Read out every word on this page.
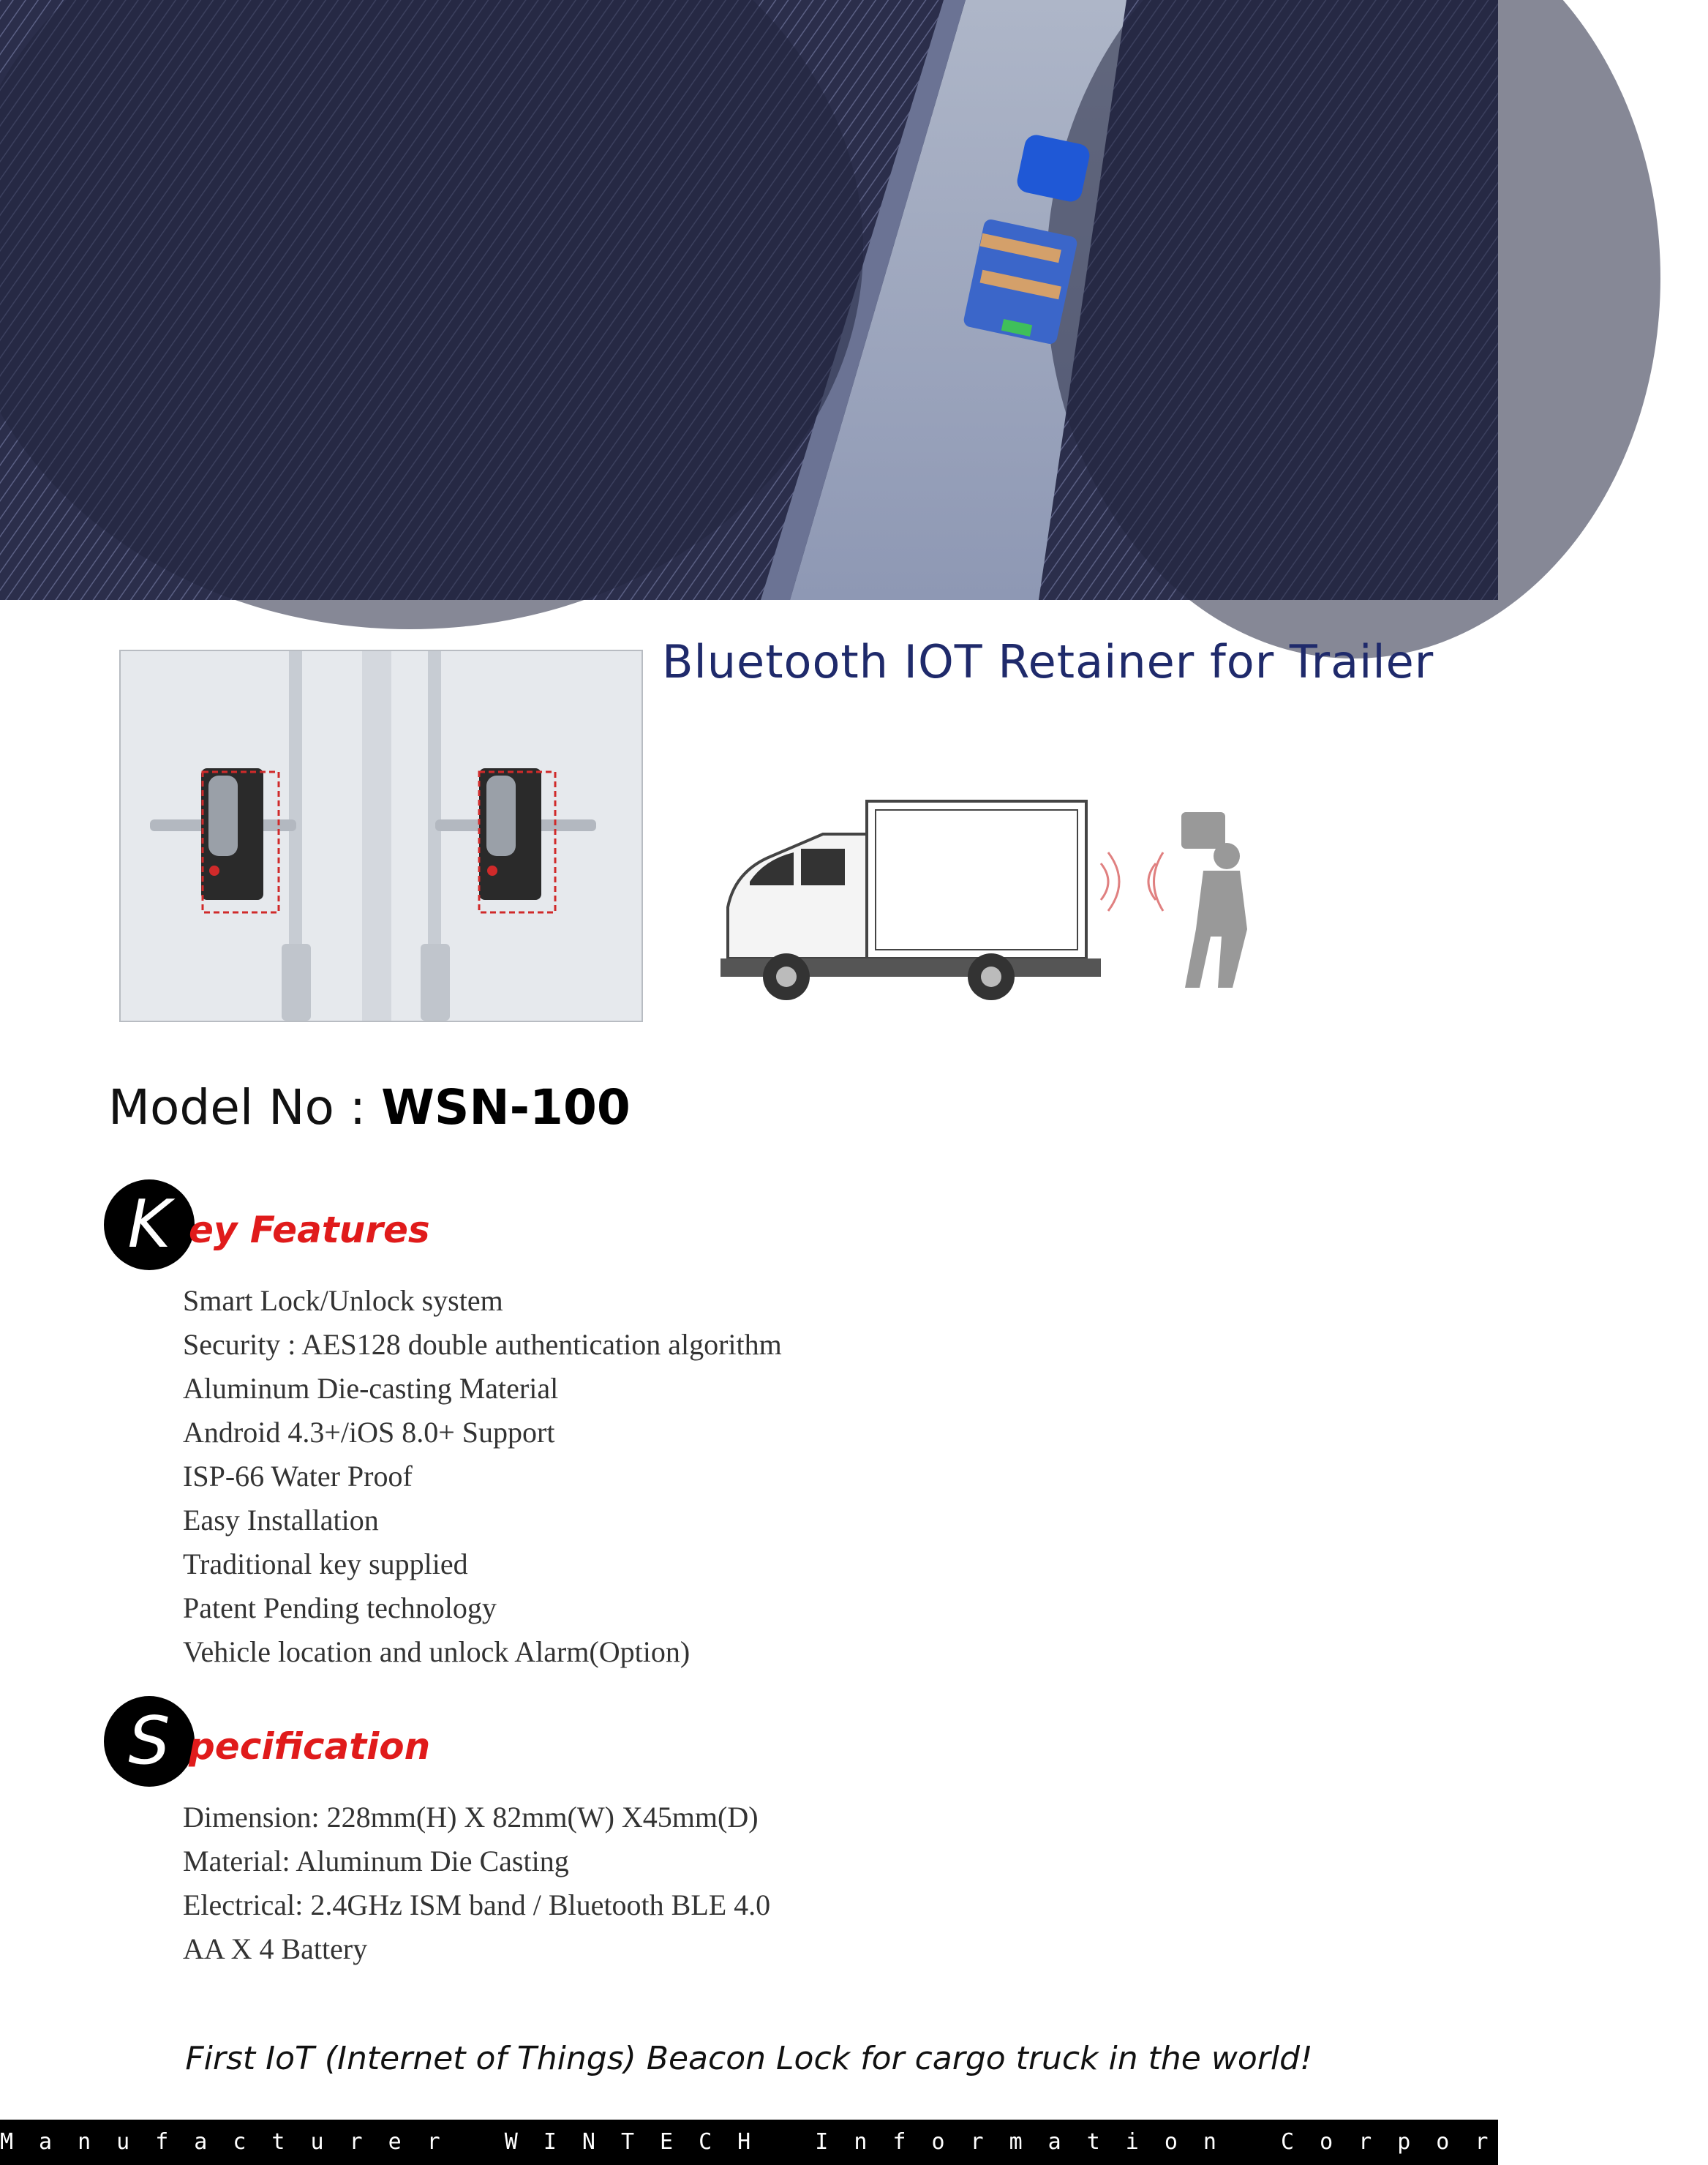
Bluetooth IOT Retainer for Trailer
Model No : WSN-100
K ey Features
Smart Lock/Unlock system
Security : AES128 double authentication algorithm
Aluminum Die-casting Material
Android 4.3+/iOS 8.0+ Support
ISP-66 Water Proof
Easy Installation
Traditional key supplied
Patent Pending technology
Vehicle location and unlock Alarm(Option)
S pecification
Dimension: 228mm(H) X 82mm(W) X45mm(D)
Material: Aluminum Die Casting
Electrical: 2.4GHz ISM band / Bluetooth BLE 4.0
AA X 4 Battery
First IoT (Internet of Things) Beacon Lock for cargo truck in the world!
Manufacturer WINTECH Information Corporation
